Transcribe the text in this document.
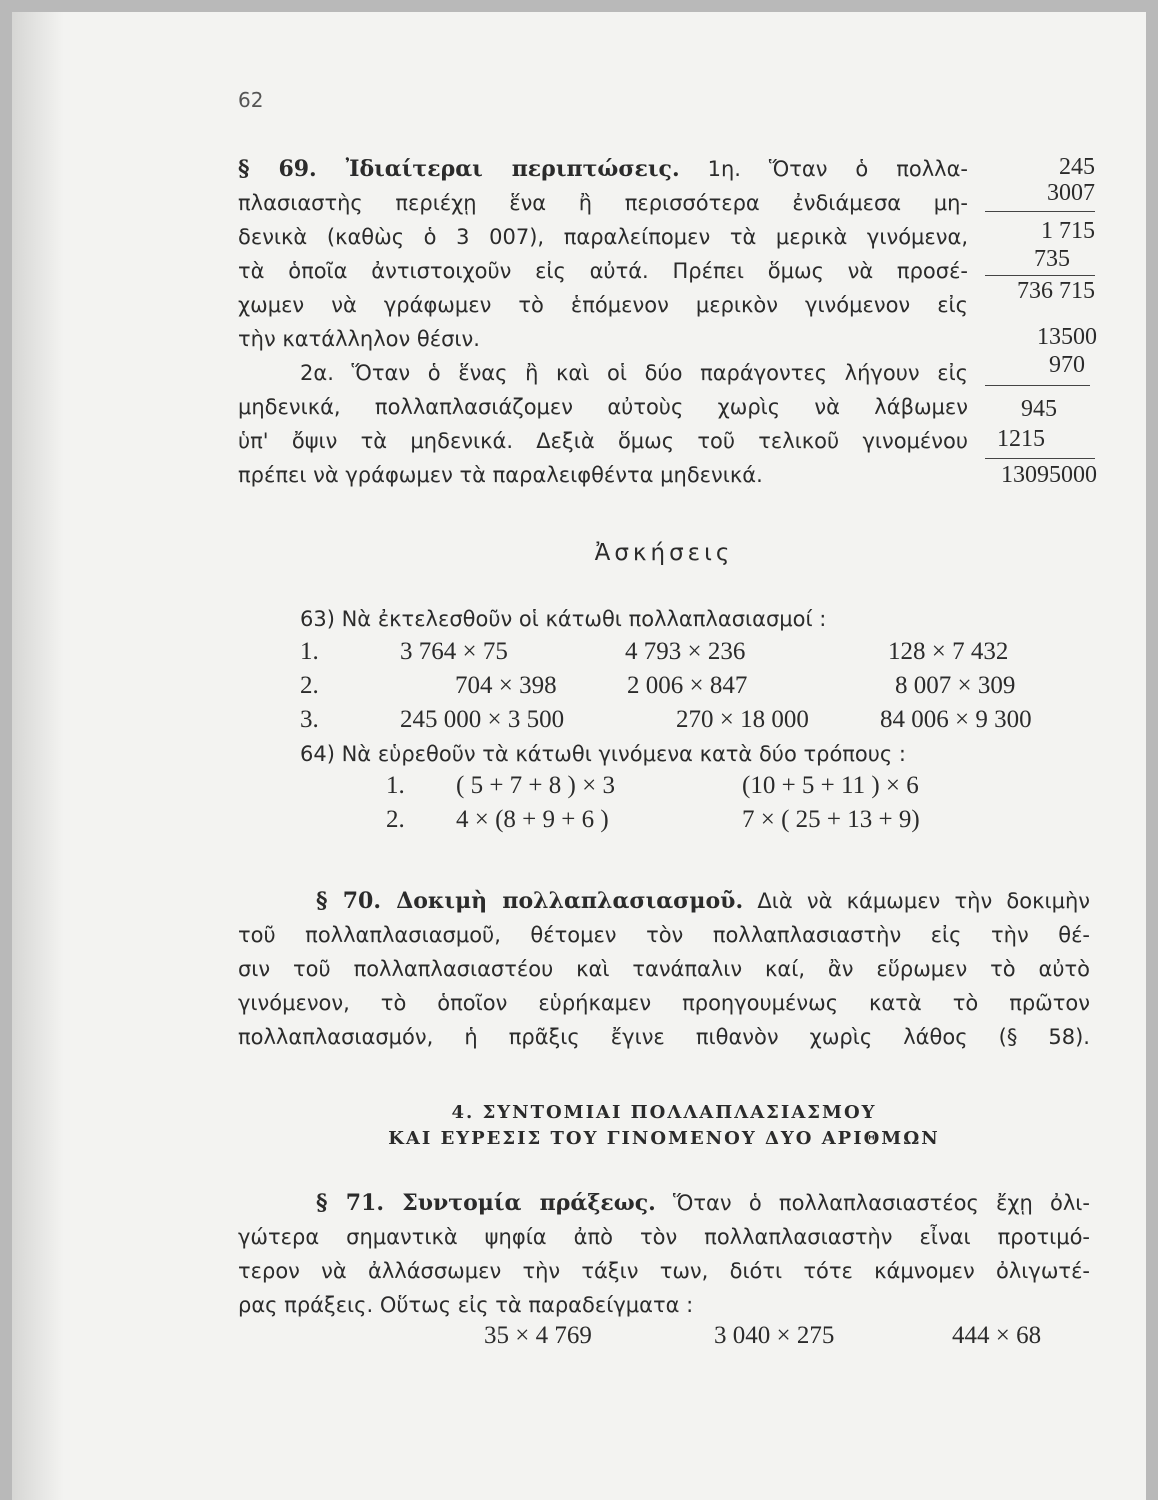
62
§ 69. Ἰδιαίτεραι περιπτώσεις. 1η. Ὅταν ὁ πολλα-
πλασιαστὴς περιέχῃ ἕνα ἢ περισσότερα ἐνδιάμεσα μη-
δενικὰ (καθὼς ὁ 3 007), παραλείπομεν τὰ μερικὰ γινόμενα,
τὰ ὁποῖα ἀντιστοιχοῦν εἰς αὐτά. Πρέπει ὅμως νὰ προσέ-
χωμεν νὰ γράφωμεν τὸ ἑπόμενον μερικὸν γινόμενον εἰς
τὴν κατάλληλον θέσιν.
2α. Ὅταν ὁ ἕνας ἢ καὶ οἱ δύο παράγοντες λήγουν εἰς
μηδενικά, πολλαπλασιάζομεν αὐτοὺς χωρὶς νὰ λάβωμεν
ὑπ' ὄψιν τὰ μηδενικά. Δεξιὰ ὅμως τοῦ τελικοῦ γινομένου
πρέπει νὰ γράφωμεν τὰ παραλειφθέντα μηδενικά.
245
3007
1 715
735
736 715
13500
970
945
1215
13095000
Ἀσκήσεις
63) Νὰ ἐκτελεσθοῦν οἱ κάτωθι πολλαπλασιασμοί :
1.	3 764 × 75	4 793 × 236	128 × 7 432
2.	704 × 398	2 006 × 847	8 007 × 309
3.	245 000 × 3 500	270 × 18 000	84 006 × 9 300
64) Νὰ εὑρεθοῦν τὰ κάτωθι γινόμενα κατὰ δύο τρόπους :
1. ( 5 + 7 + 8 ) × 3	(10 + 5 + 11 ) × 6
2. 4 × (8 + 9 + 6 )	7 × ( 25 + 13 + 9)
§ 70. Δοκιμὴ πολλαπλασιασμοῦ. Διὰ νὰ κάμωμεν τὴν δοκιμὴν
τοῦ πολλαπλασιασμοῦ, θέτομεν τὸν πολλαπλασιαστὴν εἰς τὴν θέ-
σιν τοῦ πολλαπλασιαστέου καὶ τανάπαλιν καί, ἂν εὕρωμεν τὸ αὐτὸ
γινόμενον, τὸ ὁποῖον εὑρήκαμεν προηγουμένως κατὰ τὸ πρῶτον
πολλαπλασιασμόν, ἡ πρᾶξις ἔγινε πιθανὸν χωρὶς λάθος (§ 58).
4. ΣΥΝΤΟΜΙΑΙ ΠΟΛΛΑΠΛΑΣΙΑΣΜΟΥ
ΚΑΙ ΕΥΡΕΣΙΣ ΤΟΥ ΓΙΝΟΜΕΝΟΥ ΔΥΟ ΑΡΙΘΜΩΝ
§ 71. Συντομία πράξεως. Ὅταν ὁ πολλαπλασιαστέος ἔχῃ ὀλι-
γώτερα σημαντικὰ ψηφία ἀπὸ τὸν πολλαπλασιαστὴν εἶναι προτιμό-
τερον νὰ ἀλλάσσωμεν τὴν τάξιν των, διότι τότε κάμνομεν ὀλιγωτέ-
ρας πράξεις. Οὕτως εἰς τὰ παραδείγματα :
35 × 4 769	3 040 × 275	444 × 68
